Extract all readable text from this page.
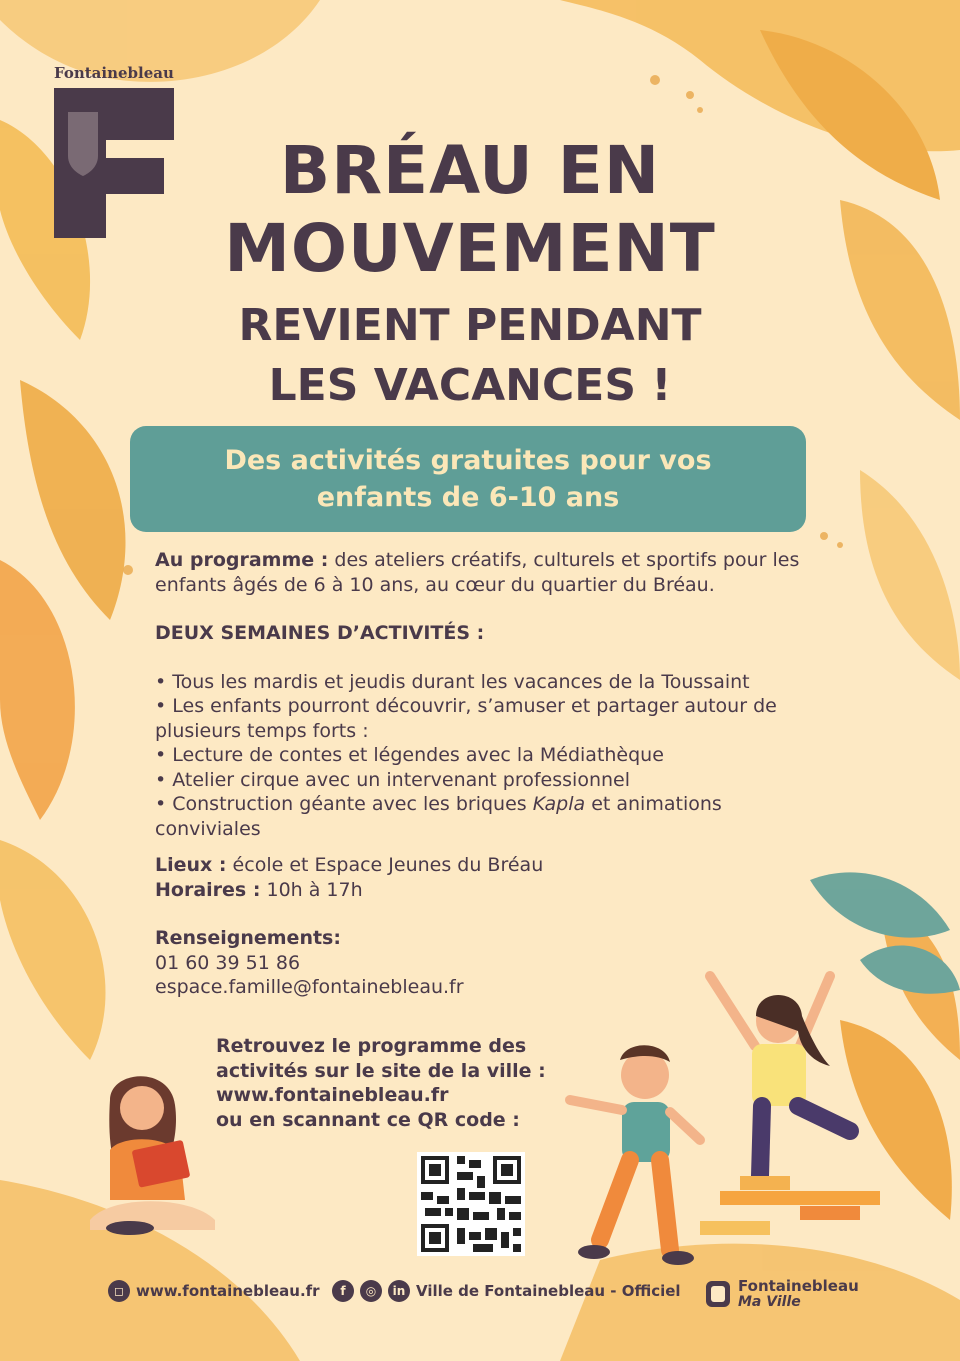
Fontainebleau
BRÉAU EN
MOUVEMENT
REVIENT PENDANT
LES VACANCES !
Des activités gratuites pour vos
enfants de 6-10 ans

Au programme : des ateliers créatifs, culturels et sportifs pour les enfants âgés de 6 à 10 ans, au cœur du quartier du Bréau.

DEUX SEMAINES D’ACTIVITÉS :

• Tous les mardis et jeudis durant les vacances de la Toussaint

• Les enfants pourront découvrir, s’amuser et partager autour de plusieurs temps forts :

• Lecture de contes et légendes avec la Médiathèque

• Atelier cirque avec un intervenant professionnel

• Construction géante avec les briques Kapla et animations conviviales

Lieux : école et Espace Jeunes du Bréau

Horaires : 10h à 17h

Renseignements:

01 60 39 51 86

espace.famille@fontainebleau.fr

Retrouvez le programme des

activités sur le site de la ville :

www.fontainebleau.fr

ou en scannant ce QR code :

◻ www.fontainebleau.fr	f	◎	in Ville de Fontainebleau - Officiel	Fontainebleau
Ma Ville
